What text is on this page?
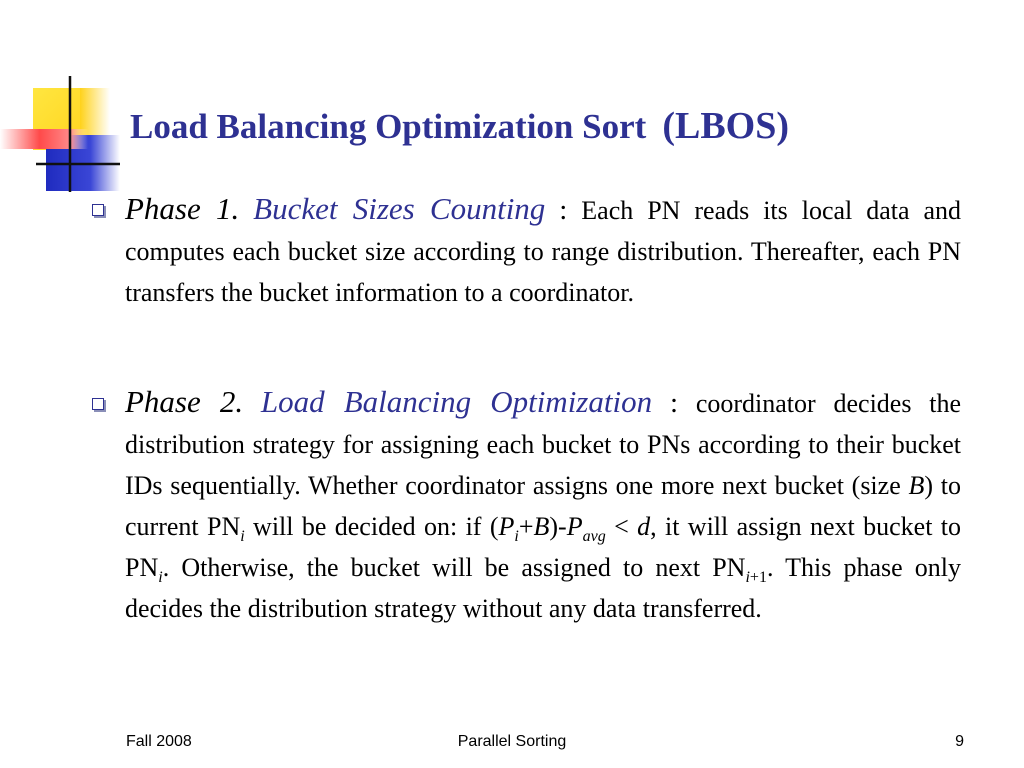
Load Balancing Optimization Sort (LBOS)
Phase 1. Bucket Sizes Counting : Each PN reads its local data and computes each bucket size according to range distribution. Thereafter, each PN transfers the bucket information to a coordinator.
Phase 2. Load Balancing Optimization : coordinator decides the distribution strategy for assigning each bucket to PNs according to their bucket IDs sequentially. Whether coordinator assigns one more next bucket (size B) to current $PN_i$ will be decided on: if $(P_i+B)-P_{avg} < d$, it will assign next bucket to $PN_i$. Otherwise, the bucket will be assigned to next $PN_{i+1}$. This phase only decides the distribution strategy without any data transferred.
Fall 2008	Parallel Sorting	9
